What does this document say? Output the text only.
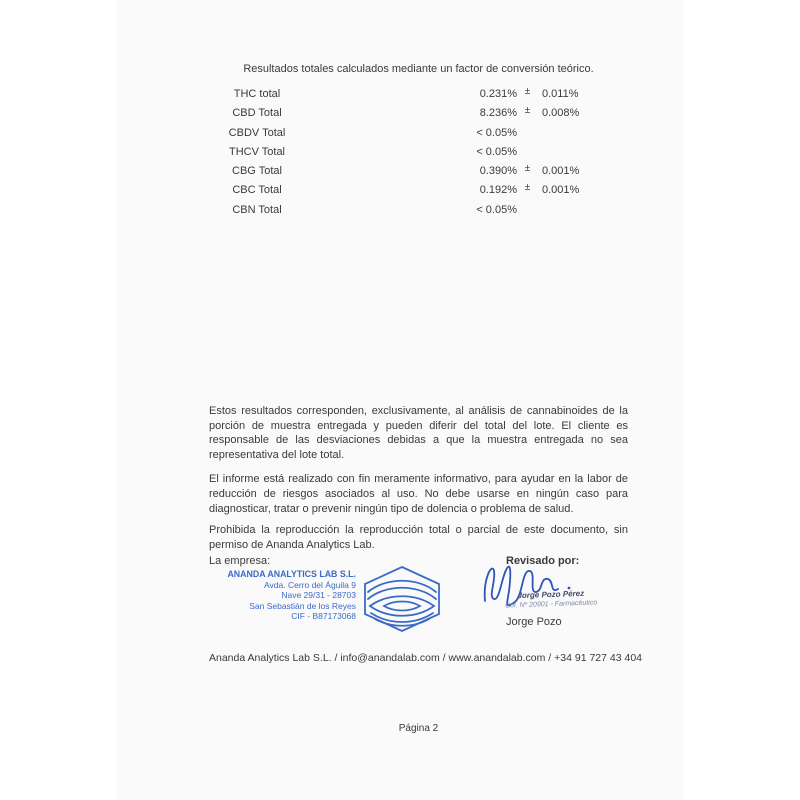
Resultados totales calculados mediante un factor de conversión teórico.
THC total	0.231% ±	0.011%
CBD Total	8.236% ±	0.008%
CBDV Total	< 0.05%
THCV Total	< 0.05%
CBG Total	0.390% ±	0.001%
CBC Total	0.192% ±	0.001%
CBN Total	< 0.05%

Estos resultados corresponden, exclusivamente, al análisis de cannabinoides de la porción de muestra entregada y pueden diferir del total del lote. El cliente es responsable de las desviaciones debidas a que la muestra entregada no sea representativa del lote total.

El informe está realizado con fin meramente informativo, para ayudar en la labor de reducción de riesgos asociados al uso. No debe usarse en ningún caso para diagnosticar, tratar o prevenir ningún tipo de dolencia o problema de salud.

Prohibida la reproducción la reproducción total o parcial de este documento, sin permiso de Ananda Analytics Lab.

La empresa:
ANANDA ANALYTICS LAB S.L.
Avda. Cerro del Águila 9
Nave 29/31 - 28703
San Sebastián de los Reyes
CIF - B87173068
Revisado por:
Jorge Pozo Pérez
Col. Nº 20901 - Farmacéutico
Jorge Pozo
Ananda Analytics Lab S.L. / info@anandalab.com / www.anandalab.com / +34 91 727 43 404
Página 2
